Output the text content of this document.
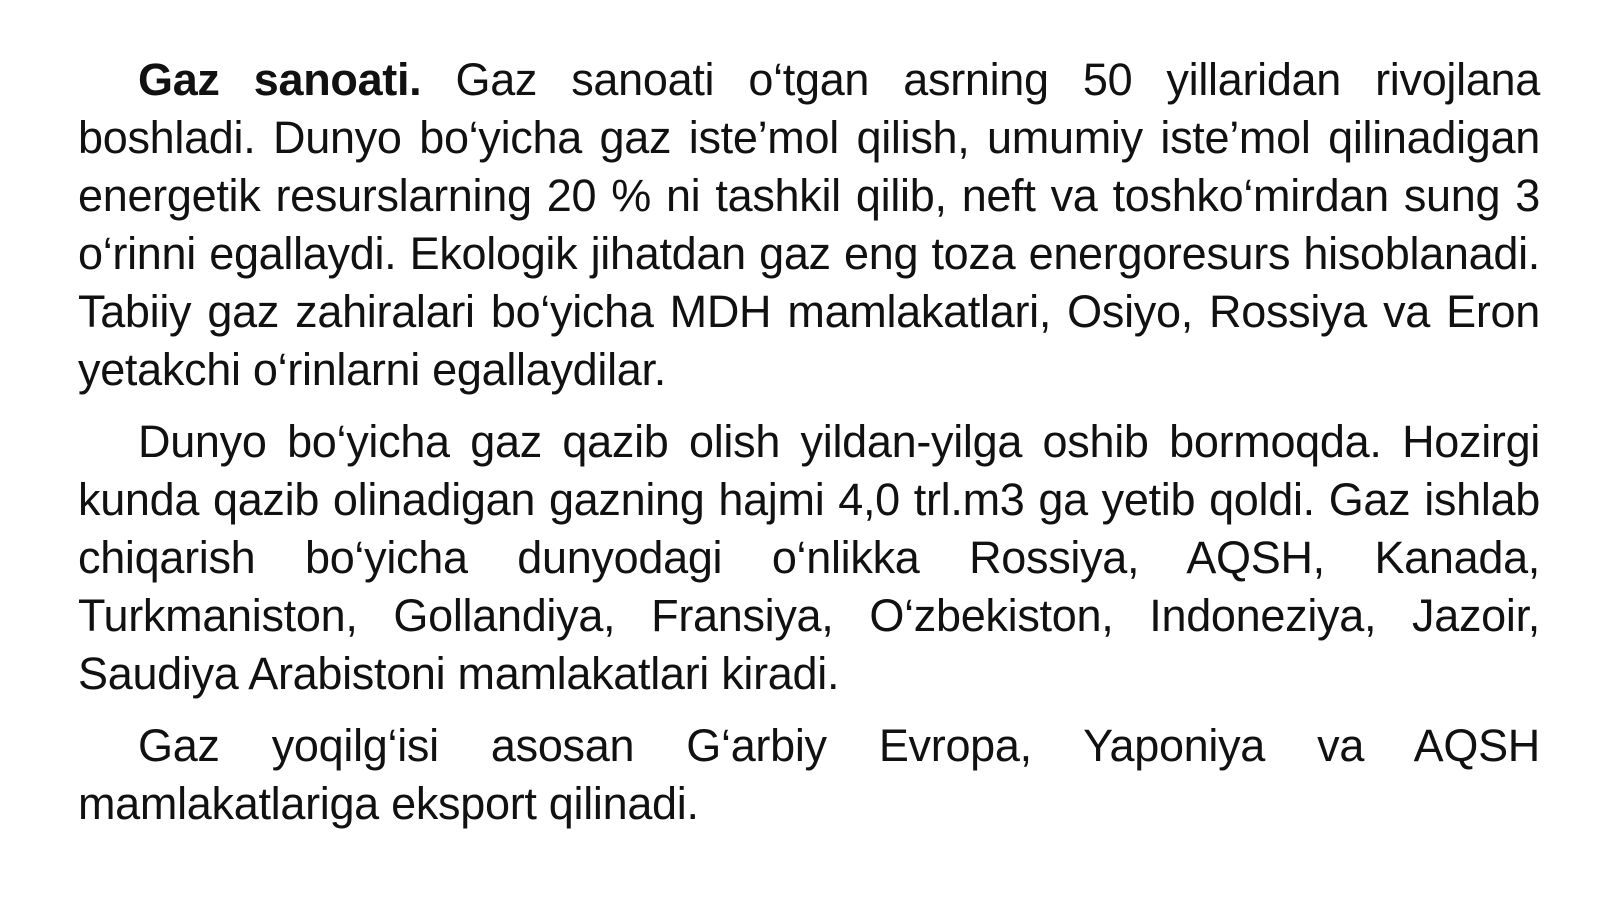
Gaz sanoati. Gaz sanoati o‘tgan asrning 50 yillaridan rivojlana boshladi. Dunyo bo‘yicha gaz iste’mol qilish, umumiy iste’mol qilinadigan energetik resurslarning 20 % ni tashkil qilib, neft va toshko‘mirdan sung 3 o‘rinni egallaydi. Ekologik jihatdan gaz eng toza energoresurs hisoblanadi. Tabiiy gaz zahiralari bo‘yicha MDH mamlakatlari, Osiyo, Rossiya va Eron yetakchi o‘rinlarni egallaydilar.

Dunyo bo‘yicha gaz qazib olish yildan-yilga oshib bormoqda. Hozirgi kunda qazib olinadigan gazning hajmi 4,0 trl.m3 ga yetib qoldi. Gaz ishlab chiqarish bo‘yicha dunyodagi o‘nlikka Rossiya, AQSH, Kanada, Turkmaniston, Gollandiya, Fransiya, O‘zbekiston, Indoneziya, Jazoir, Saudiya Arabistoni mamlakatlari kiradi.

Gaz yoqilg‘isi asosan G‘arbiy Evropa, Yaponiya va AQSH mamlakatlariga eksport qilinadi.
